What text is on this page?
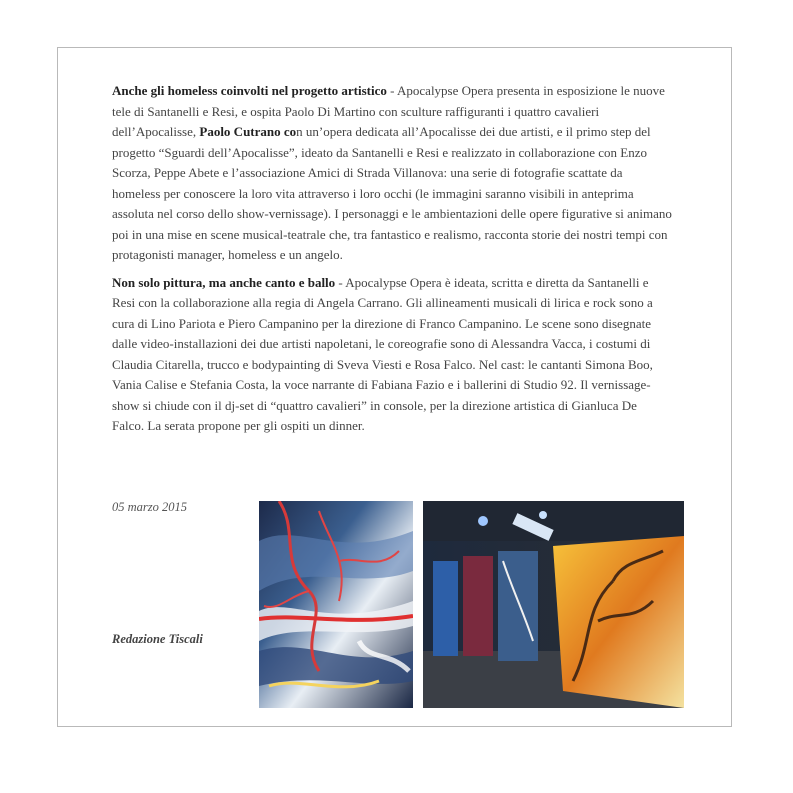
Anche gli homeless coinvolti nel progetto artistico - Apocalypse Opera presenta in esposizione le nuove tele di Santanelli e Resi, e ospita Paolo Di Martino con sculture raffiguranti i quattro cavalieri dell’Apocalisse, Paolo Cutrano con un’opera dedicata all’Apocalisse dei due artisti, e il primo step del progetto “Sguardi dell’Apocalisse”, ideato da Santanelli e Resi e realizzato in collaborazione con Enzo Scorza, Peppe Abete e l’associazione Amici di Strada Villanova: una serie di fotografie scattate da homeless per conoscere la loro vita attraverso i loro occhi (le immagini saranno visibili in anteprima assoluta nel corso dello show-vernissage). I personaggi e le ambientazioni delle opere figurative si animano poi in una mise en scene musical-teatrale che, tra fantastico e realismo, racconta storie dei nostri tempi con protagonisti manager, homeless e un angelo.

Non solo pittura, ma anche canto e ballo - Apocalypse Opera è ideata, scritta e diretta da Santanelli e Resi con la collaborazione alla regia di Angela Carrano. Gli allineamenti musicali di lirica e rock sono a cura di Lino Pariota e Piero Campanino per la direzione di Franco Campanino. Le scene sono disegnate dalle video-installazioni dei due artisti napoletani, le coreografie sono di Alessandra Vacca, i costumi di Claudia Citarella, trucco e bodypainting di Sveva Viesti e Rosa Falco. Nel cast: le cantanti Simona Boo, Vania Calise e Stefania Costa, la voce narrante di Fabiana Fazio e i ballerini di Studio 92. Il vernissage-show si chiude con il dj-set di “quattro cavalieri” in console, per la direzione artistica di Gianluca De Falco. La serata propone per gli ospiti un dinner.

05 marzo 2015
Redazione Tiscali
